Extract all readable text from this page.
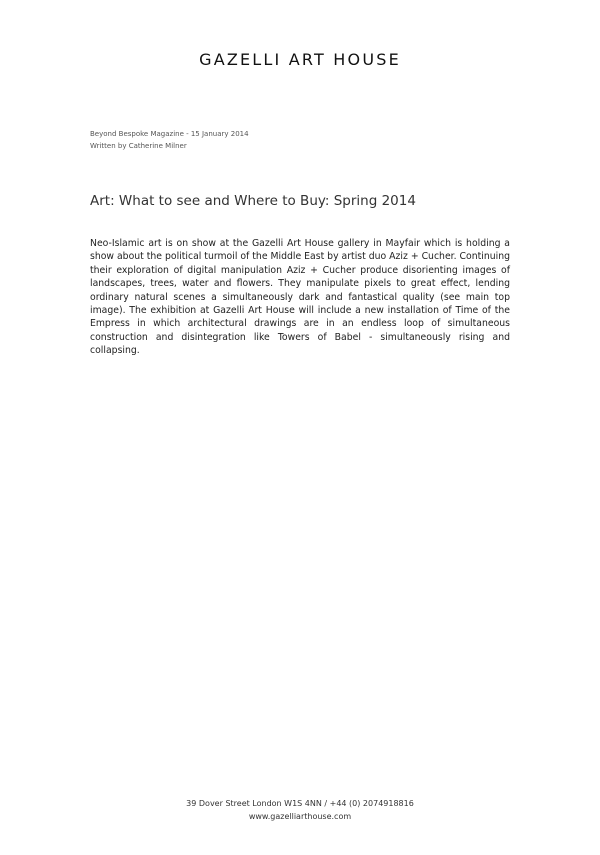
GAZELLI ART HOUSE
Beyond Bespoke Magazine - 15 January 2014
Written by Catherine Milner
Art: What to see and Where to Buy: Spring 2014
Neo-Islamic art is on show at the Gazelli Art House gallery in Mayfair which is holding a show about the political turmoil of the Middle East by artist duo Aziz + Cucher. Continuing their exploration of digital manipulation Aziz + Cucher produce disorienting images of landscapes, trees, water and flowers. They manipulate pixels to great effect, lending ordinary natural scenes a simultaneously dark and fantastical quality (see main top image). The exhibition at Gazelli Art House will include a new installation of Time of the Empress in which architectural drawings are in an endless loop of simultaneous construction and disintegration like Towers of Babel - simultaneously rising and collapsing.
39 Dover Street London W1S 4NN / +44 (0) 2074918816
www.gazelliarthouse.com
